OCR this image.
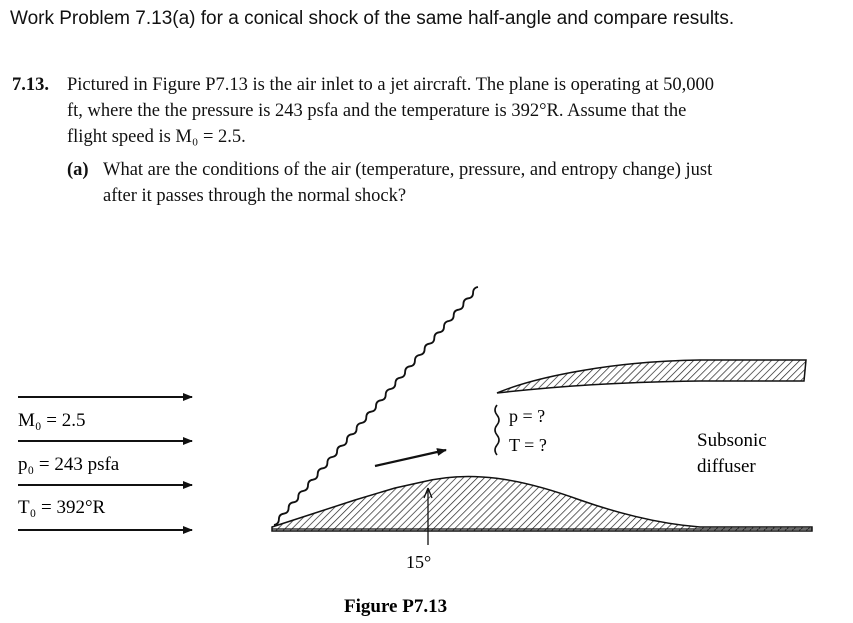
Work Problem 7.13(a) for a conical shock of the same half-angle and compare results.
7.13. Pictured in Figure P7.13 is the air inlet to a jet aircraft. The plane is operating at 50,000
ft, where the the pressure is 243 psfa and the temperature is 392°R. Assume that the
flight speed is M₀ = 2.5.
(a) What are the conditions of the air (temperature, pressure, and entropy change) just
after it passes through the normal shock?
M₀ = 2.5
p₀ = 243 psfa
T₀ = 392°R
p = ?
T = ?	Subsonic
diffuser
15°
Figure P7.13
